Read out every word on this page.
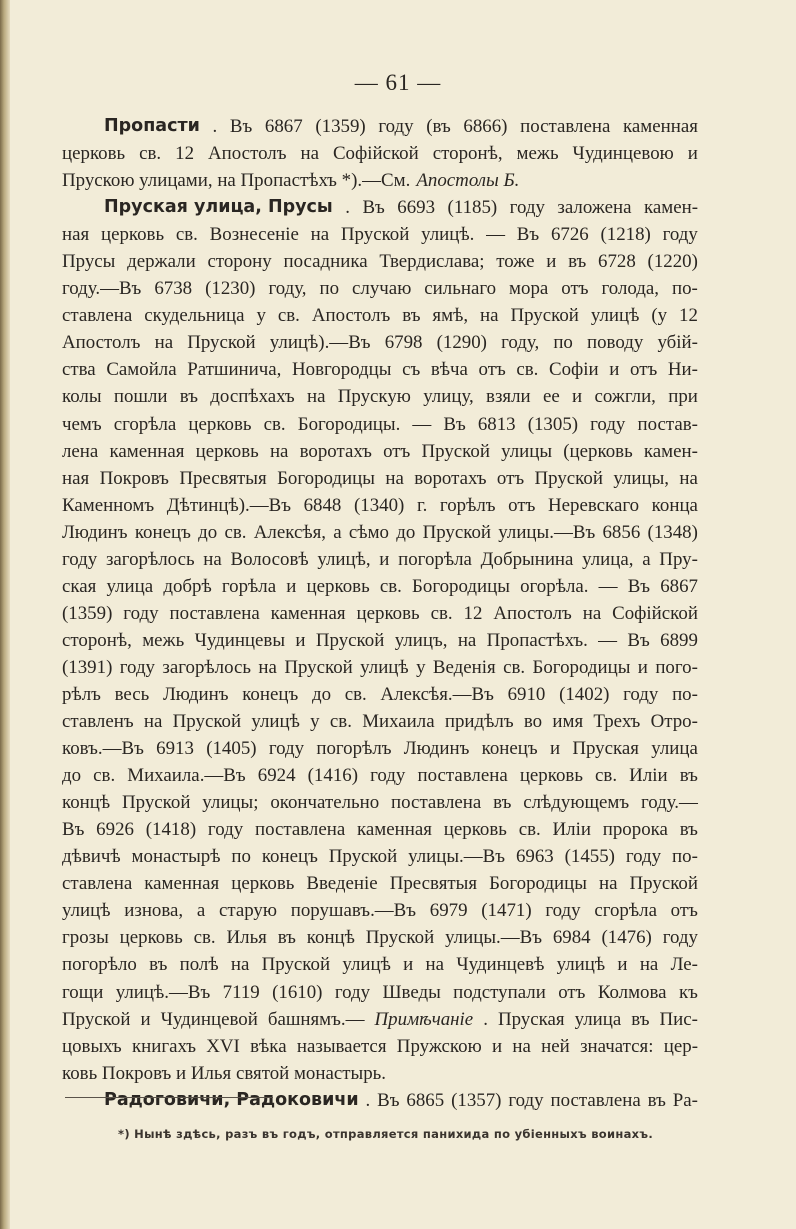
— 61 —
Пропасти . Въ 6867 (1359) году (въ 6866) поставлена каменная
церковь св. 12 Апостолъ на Софійской сторонѣ, межь Чудинцевою и
Прускою улицами, на Пропастѣхъ *).—См. Апостолы Б.
Пруская улица, Прусы . Въ 6693 (1185) году заложена камен-
ная церковь св. Вознесеніе на Пруской улицѣ. — Въ 6726 (1218) году
Прусы держали сторону посадника Твердислава; тоже и въ 6728 (1220)
году.—Въ 6738 (1230) году, по случаю сильнаго мора отъ голода, по-
ставлена скудельница у св. Апостолъ въ ямѣ, на Пруской улицѣ (у 12
Апостолъ на Пруской улицѣ).—Въ 6798 (1290) году, по поводу убій-
ства Самойла Ратшинича, Новгородцы съ вѣча отъ св. Софіи и отъ Ни-
колы пошли въ доспѣхахъ на Прускую улицу, взяли ее и сожгли, при
чемъ сгорѣла церковь св. Богородицы. — Въ 6813 (1305) году постав-
лена каменная церковь на воротахъ отъ Пруской улицы (церковь камен-
ная Покровъ Пресвятыя Богородицы на воротахъ отъ Пруской улицы, на
Каменномъ Дѣтинцѣ).—Въ 6848 (1340) г. горѣлъ отъ Неревскаго конца
Людинъ конецъ до св. Алексѣя, а сѣмо до Пруской улицы.—Въ 6856 (1348)
году загорѣлось на Волосовѣ улицѣ, и погорѣла Добрынина улица, а Пру-
ская улица добрѣ горѣла и церковь св. Богородицы огорѣла. — Въ 6867
(1359) году поставлена каменная церковь св. 12 Апостолъ на Софійской
сторонѣ, межь Чудинцевы и Пруской улицъ, на Пропастѣхъ. — Въ 6899
(1391) году загорѣлось на Пруской улицѣ у Веденія св. Богородицы и пого-
рѣлъ весь Людинъ конецъ до св. Алексѣя.—Въ 6910 (1402) году по-
ставленъ на Пруской улицѣ у св. Михаила придѣлъ во имя Трехъ Отро-
ковъ.—Въ 6913 (1405) году погорѣлъ Людинъ конецъ и Пруская улица
до св. Михаила.—Въ 6924 (1416) году поставлена церковь св. Иліи въ
концѣ Пруской улицы; окончательно поставлена въ слѣдующемъ году.—
Въ 6926 (1418) году поставлена каменная церковь св. Иліи пророка въ
дѣвичѣ монастырѣ по конецъ Пруской улицы.—Въ 6963 (1455) году по-
ставлена каменная церковь Введеніе Пресвятыя Богородицы на Пруской
улицѣ изнова, а старую порушавъ.—Въ 6979 (1471) году сгорѣла отъ
грозы церковь св. Илья въ концѣ Пруской улицы.—Въ 6984 (1476) году
погорѣло въ полѣ на Пруской улицѣ и на Чудинцевѣ улицѣ и на Ле-
гощи улицѣ.—Въ 7119 (1610) году Шведы подступали отъ Колмова къ
Пруской и Чудинцевой башнямъ.— Примѣчаніе . Пруская улица въ Пис-
цовыхъ книгахъ XVI вѣка называется Пружскою и на ней значатся: цер-
ковь Покровъ и Илья святой монастырь.
Радоговичи, Радоковичи . Въ 6865 (1357) году поставлена въ Ра-
*) Нынѣ здѣсь, разъ въ годъ, отправляется панихида по убіенныхъ воинахъ.
